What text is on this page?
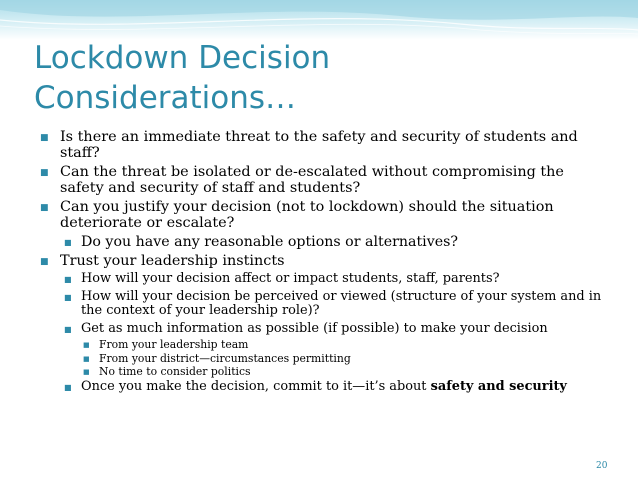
Lockdown Decision
Considerations…
■ Is there an immediate threat to the safety and security of students and staff?
■ Can the threat be isolated or de-escalated without compromising the safety and security of staff and students?
■ Can you justify your decision (not to lockdown) should the situation deteriorate or escalate?
■ Do you have any reasonable options or alternatives?
■ Trust your leadership instincts
■ How will your decision affect or impact students, staff, parents?
■ How will your decision be perceived or viewed (structure of your system and in the context of your leadership role)?
■ Get as much information as possible (if possible) to make your decision
■ From your leadership team
■ From your district—circumstances permitting
■ No time to consider politics
■ Once you make the decision, commit to it—it’s about safety and security
20
